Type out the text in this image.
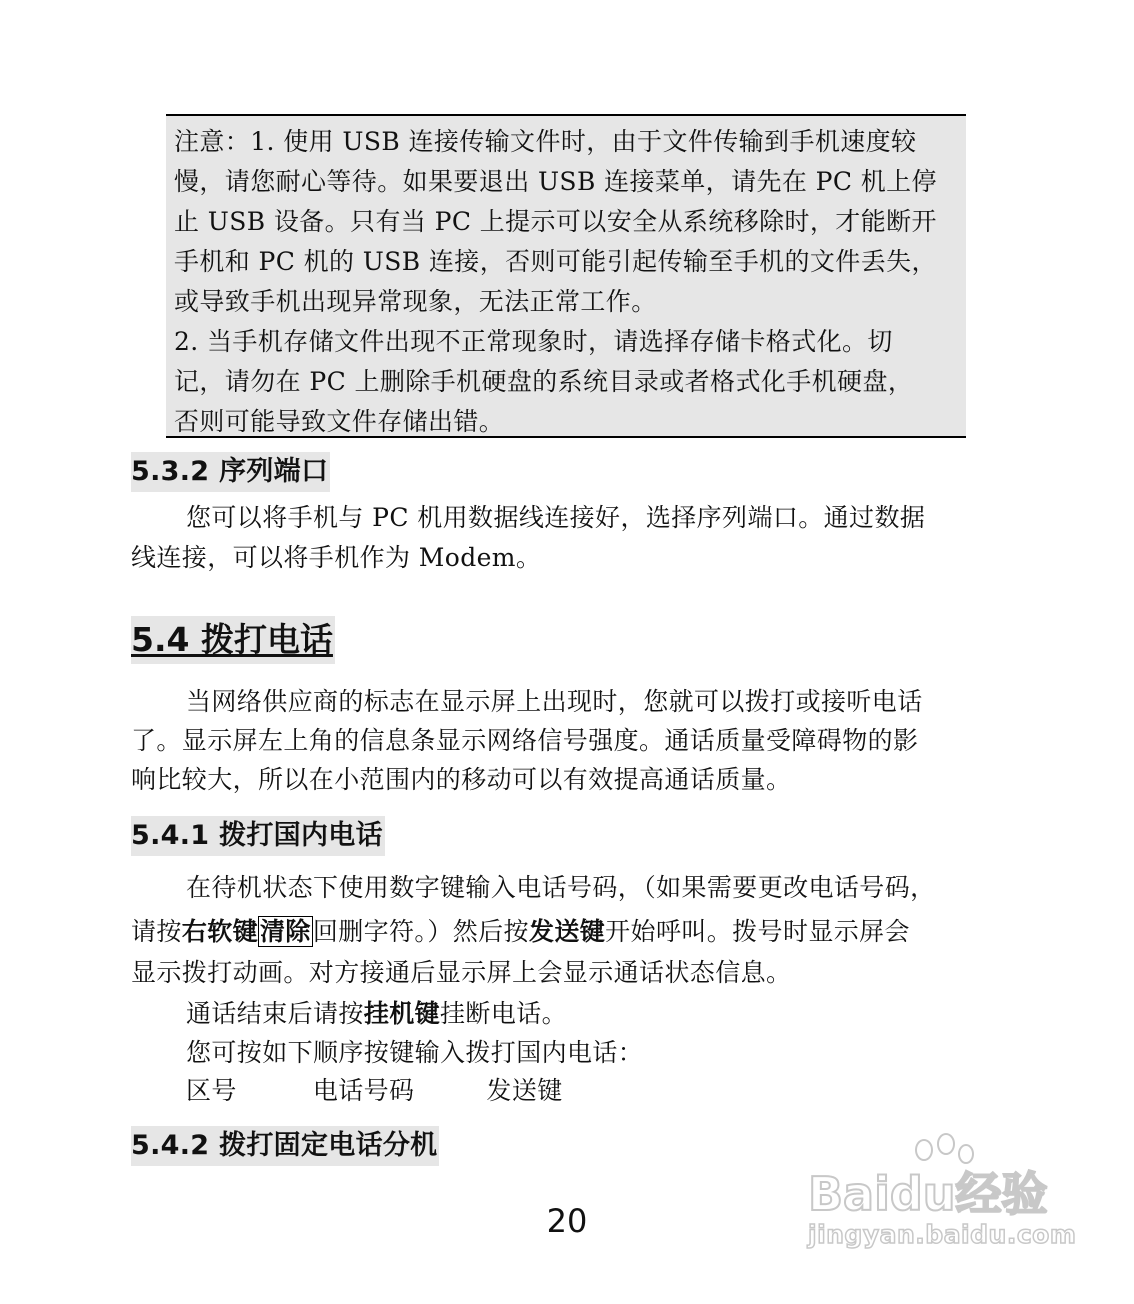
注意：1. 使用 USB 连接传输文件时，由于文件传输到手机速度较

慢，请您耐心等待。如果要退出 USB 连接菜单，请先在 PC 机上停

止 USB 设备。只有当 PC 上提示可以安全从系统移除时，才能断开

手机和 PC 机的 USB 连接，否则可能引起传输至手机的文件丢失，

或导致手机出现异常现象，无法正常工作。

2. 当手机存储文件出现不正常现象时，请选择存储卡格式化。切

记，请勿在 PC 上删除手机硬盘的系统目录或者格式化手机硬盘，

否则可能导致文件存储出错。

5.3.2 序列端口
您可以将手机与 PC 机用数据线连接好，选择序列端口。通过数据
线连接，可以将手机作为 Modem。
5.4 拨打电话
当网络供应商的标志在显示屏上出现时，您就可以拨打或接听电话
了。显示屏左上角的信息条显示网络信号强度。通话质量受障碍物的影
响比较大，所以在小范围内的移动可以有效提高通话质量。
5.4.1 拨打国内电话
在待机状态下使用数字键输入电话号码，（如果需要更改电话号码，
请按右软键清除回删字符。）然后按发送键开始呼叫。拨号时显示屏会
显示拨打动画。对方接通后显示屏上会显示通话状态信息。
通话结束后请按挂机键挂断电话。
您可按如下顺序按键输入拨打国内电话：
区号	电话号码	发送键
5.4.2 拨打固定电话分机
20	Baidu经验
jingyan.baidu.com
